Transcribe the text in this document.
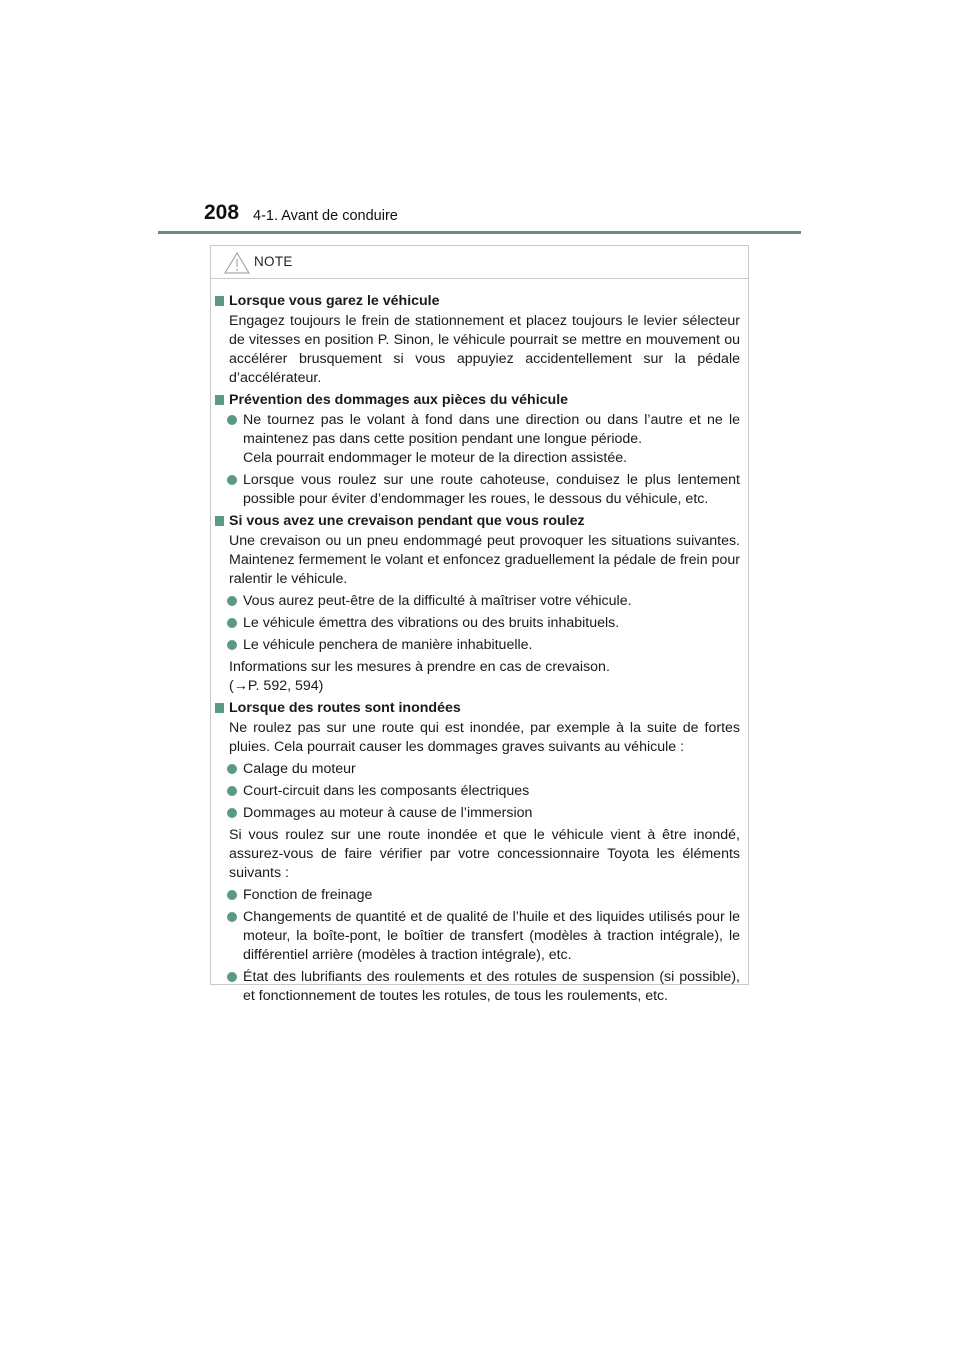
208 4-1. Avant de conduire
NOTE
Lorsque vous garez le véhicule
Engagez toujours le frein de stationnement et placez toujours le levier sélecteur de vitesses en position P. Sinon, le véhicule pourrait se mettre en mouvement ou accélérer brusquement si vous appuyiez accidentellement sur la pédale d’accélérateur.
Prévention des dommages aux pièces du véhicule
Ne tournez pas le volant à fond dans une direction ou dans l’autre et ne le maintenez pas dans cette position pendant une longue période.
Cela pourrait endommager le moteur de la direction assistée.
Lorsque vous roulez sur une route cahoteuse, conduisez le plus lentement possible pour éviter d’endommager les roues, le dessous du véhicule, etc.
Si vous avez une crevaison pendant que vous roulez
Une crevaison ou un pneu endommagé peut provoquer les situations suivantes. Maintenez fermement le volant et enfoncez graduellement la pédale de frein pour ralentir le véhicule.
Vous aurez peut-être de la difficulté à maîtriser votre véhicule.
Le véhicule émettra des vibrations ou des bruits inhabituels.
Le véhicule penchera de manière inhabituelle.
Informations sur les mesures à prendre en cas de crevaison.
(→P. 592, 594)
Lorsque des routes sont inondées
Ne roulez pas sur une route qui est inondée, par exemple à la suite de fortes pluies. Cela pourrait causer les dommages graves suivants au véhicule :
Calage du moteur
Court-circuit dans les composants électriques
Dommages au moteur à cause de l’immersion
Si vous roulez sur une route inondée et que le véhicule vient à être inondé, assurez-vous de faire vérifier par votre concessionnaire Toyota les éléments suivants :
Fonction de freinage
Changements de quantité et de qualité de l’huile et des liquides utilisés pour le moteur, la boîte-pont, le boîtier de transfert (modèles à traction intégrale), le différentiel arrière (modèles à traction intégrale), etc.
État des lubrifiants des roulements et des rotules de suspension (si possible), et fonctionnement de toutes les rotules, de tous les roulements, etc.
